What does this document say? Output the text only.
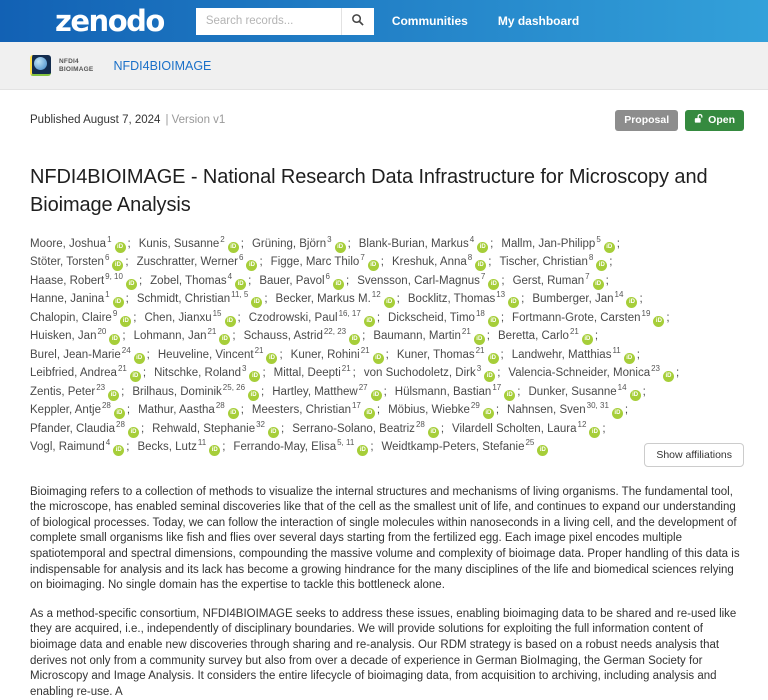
zenodo
Search records...	Communities	My dashboard
NFDI4
BIOIMAGE NFDI4BIOIMAGE
Published August 7, 2024 | Version v1	Proposal	Open
NFDI4BIOIMAGE - National Research Data Infrastructure for Microscopy and Bioimage Analysis
Moore, Joshua$^1$iD ; Kunis, Susanne$^2$iD ; Grüning, Björn$^3$iD ; Blank-Burian, Markus$^4$iD ; Mallm, Jan-Philipp$^5$iD ;Stöter, Torsten$^6$iD ; Zuschratter, Werner$^6$iD ; Figge, Marc Thilo$^7$iD ; Kreshuk, Anna$^8$iD ; Tischer, Christian$^8$iD ;Haase, Robert$^{9, 10}$iD ; Zobel, Thomas$^4$iD ; Bauer, Pavol$^6$iD ; Svensson, Carl-Magnus$^7$iD ; Gerst, Ruman$^7$iD ;Hanne, Janina$^1$iD ; Schmidt, Christian$^{11, 5}$iD ; Becker, Markus M.$^{12}$iD ; Bocklitz, Thomas$^{13}$iD ; Bumberger, Jan$^{14}$iD ;Chalopin, Claire$^9$iD ; Chen, Jianxu$^{15}$iD ; Czodrowski, Paul$^{16, 17}$iD ; Dickscheid, Timo$^{18}$iD ; Fortmann-Grote, Carsten$^{19}$iD ;Huisken, Jan$^{20}$iD ; Lohmann, Jan$^{21}$iD ; Schauss, Astrid$^{22, 23}$iD ; Baumann, Martin$^{21}$iD ; Beretta, Carlo$^{21}$iD ;Burel, Jean-Marie$^{24}$iD ; Heuveline, Vincent$^{21}$iD ; Kuner, Rohini$^{21}$iD ; Kuner, Thomas$^{21}$iD ; Landwehr, Matthias$^{11}$iD ;Leibfried, Andrea$^{21}$iD ; Nitschke, Roland$^3$iD ; Mittal, Deepti$^{21}$ ; von Suchodoletz, Dirk$^3$iD ; Valencia-Schneider, Monica$^{23}$iD ;Zentis, Peter$^{23}$iD ; Brilhaus, Dominik$^{25, 26}$iD ; Hartley, Matthew$^{27}$iD ; Hülsmann, Bastian$^{17}$iD ; Dunker, Susanne$^{14}$iD ;Keppler, Antje$^{28}$iD ; Mathur, Aastha$^{28}$iD ; Meesters, Christian$^{17}$iD ; Möbius, Wiebke$^{29}$iD ; Nahnsen, Sven$^{30, 31}$iD ;Pfander, Claudia$^{28}$iD ; Rehwald, Stephanie$^{32}$iD ; Serrano-Solano, Beatriz$^{28}$iD ; Vilardell Scholten, Laura$^{12}$iD ;Vogl, Raimund$^4$iD ; Becks, Lutz$^{11}$iD ; Ferrando-May, Elisa$^{5, 11}$iD ; Weidtkamp-Peters, Stefanie$^{25}$iD	Show affiliations

Bioimaging refers to a collection of methods to visualize the internal structures and mechanisms of living organisms. The fundamental tool, the microscope, has enabled seminal discoveries like that of the cell as the smallest unit of life, and continues to expand our understanding of biological processes. Today, we can follow the interaction of single molecules within nanoseconds in a living cell, and the development of complete small organisms like fish and flies over several days starting from the fertilized egg. Each image pixel encodes multiple spatiotemporal and spectral dimensions, compounding the massive volume and complexity of bioimage data. Proper handling of this data is indispensable for analysis and its lack has become a growing hindrance for the many disciplines of the life and biomedical sciences relying on bioimaging. No single domain has the expertise to tackle this bottleneck alone.

As a method-specific consortium, NFDI4BIOIMAGE seeks to address these issues, enabling bioimaging data to be shared and re-used like they are acquired, i.e., independently of disciplinary boundaries. We will provide solutions for exploiting the full information content of bioimage data and enable new discoveries through sharing and re-analysis. Our RDM strategy is based on a robust needs analysis that derives not only from a community survey but also from over a decade of experience in German BioImaging, the German Society for Microscopy and Image Analysis. It considers the entire lifecycle of bioimaging data, from acquisition to archiving, including analysis and enabling re-use. A
